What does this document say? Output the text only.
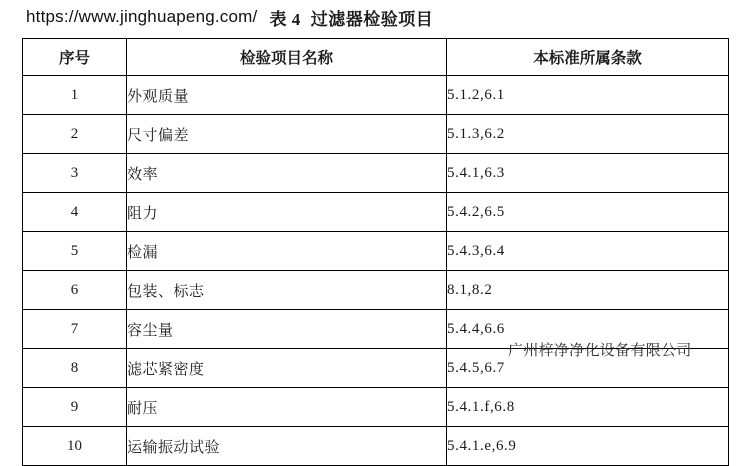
https://www.jinghuapeng.com/ 表 4 过滤器检验项目
序号	检验项目名称	本标准所属条款
1	外观质量	5.1.2,6.1
2	尺寸偏差	5.1.3,6.2
3	效率	5.4.1,6.3
4	阻力	5.4.2,6.5
5	检漏	5.4.3,6.4
6	包装、标志	8.1,8.2
7	容尘量	5.4.4,6.6
8	滤芯紧密度	5.4.5,6.7
9	耐压	5.4.1.f,6.8
10	运输振动试验	5.4.1.e,6.9
广州梓净净化设备有限公司
